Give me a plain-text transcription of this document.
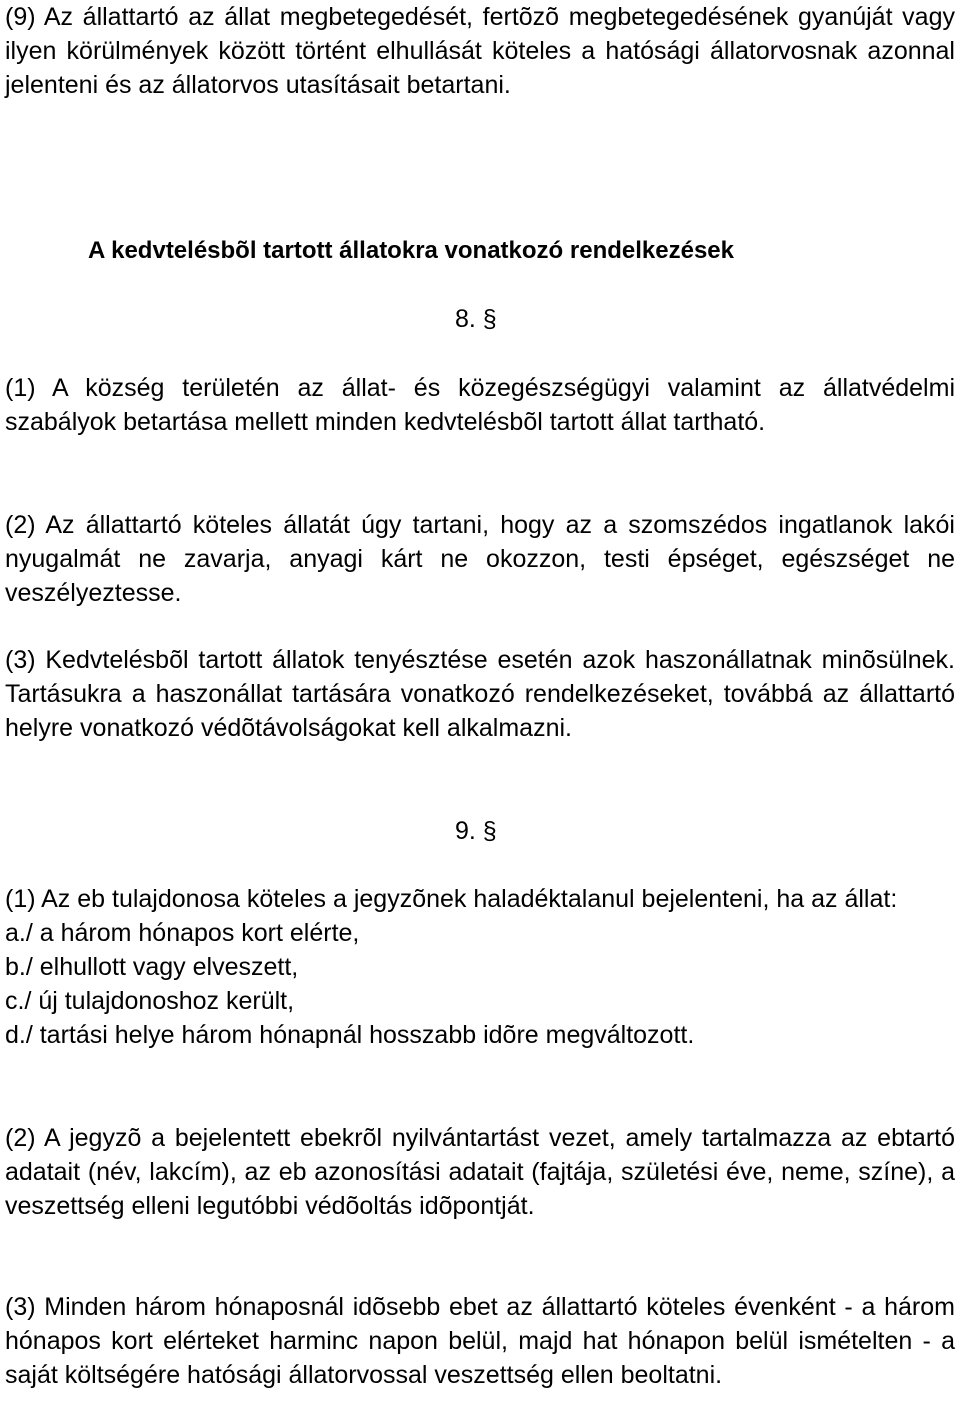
(9) Az állattartó az állat megbetegedését, fertõzõ megbetegedésének gyanúját vagy ilyen körülmények között történt elhullását köteles a hatósági állatorvosnak azonnal jelenteni és az állatorvos utasításait betartani.

A kedvtelésbõl tartott állatokra vonatkozó rendelkezések
8. §

(1) A község területén az állat- és közegészségügyi valamint az állatvédelmi szabályok betartása mellett minden kedvtelésbõl tartott állat tartható.

(2) Az állattartó köteles állatát úgy tartani, hogy az a szomszédos ingatlanok lakói nyugalmát ne zavarja, anyagi kárt ne okozzon, testi épséget, egészséget ne veszélyeztesse.

(3) Kedvtelésbõl tartott állatok tenyésztése esetén azok haszonállatnak minõsülnek. Tartásukra a haszonállat tartására vonatkozó rendelkezéseket, továbbá az állattartó helyre vonatkozó védõtávolságokat kell alkalmazni.

9. §

(1) Az eb tulajdonosa köteles a jegyzõnek haladéktalanul bejelenteni, ha az állat:

a./ a három hónapos kort elérte,

b./ elhullott vagy elveszett,

c./ új tulajdonoshoz került,

d./ tartási helye három hónapnál hosszabb idõre megváltozott.

(2) A jegyzõ a bejelentett ebekrõl nyilvántartást vezet, amely tartalmazza az ebtartó adatait (név, lakcím), az eb azonosítási adatait (fajtája, születési éve, neme, színe), a veszettség elleni legutóbbi védõoltás idõpontját.

(3) Minden három hónaposnál idõsebb ebet az állattartó köteles évenként - a három hónapos kort elérteket harminc napon belül, majd hat hónapon belül ismételten - a saját költségére hatósági állatorvossal veszettség ellen beoltatni.
